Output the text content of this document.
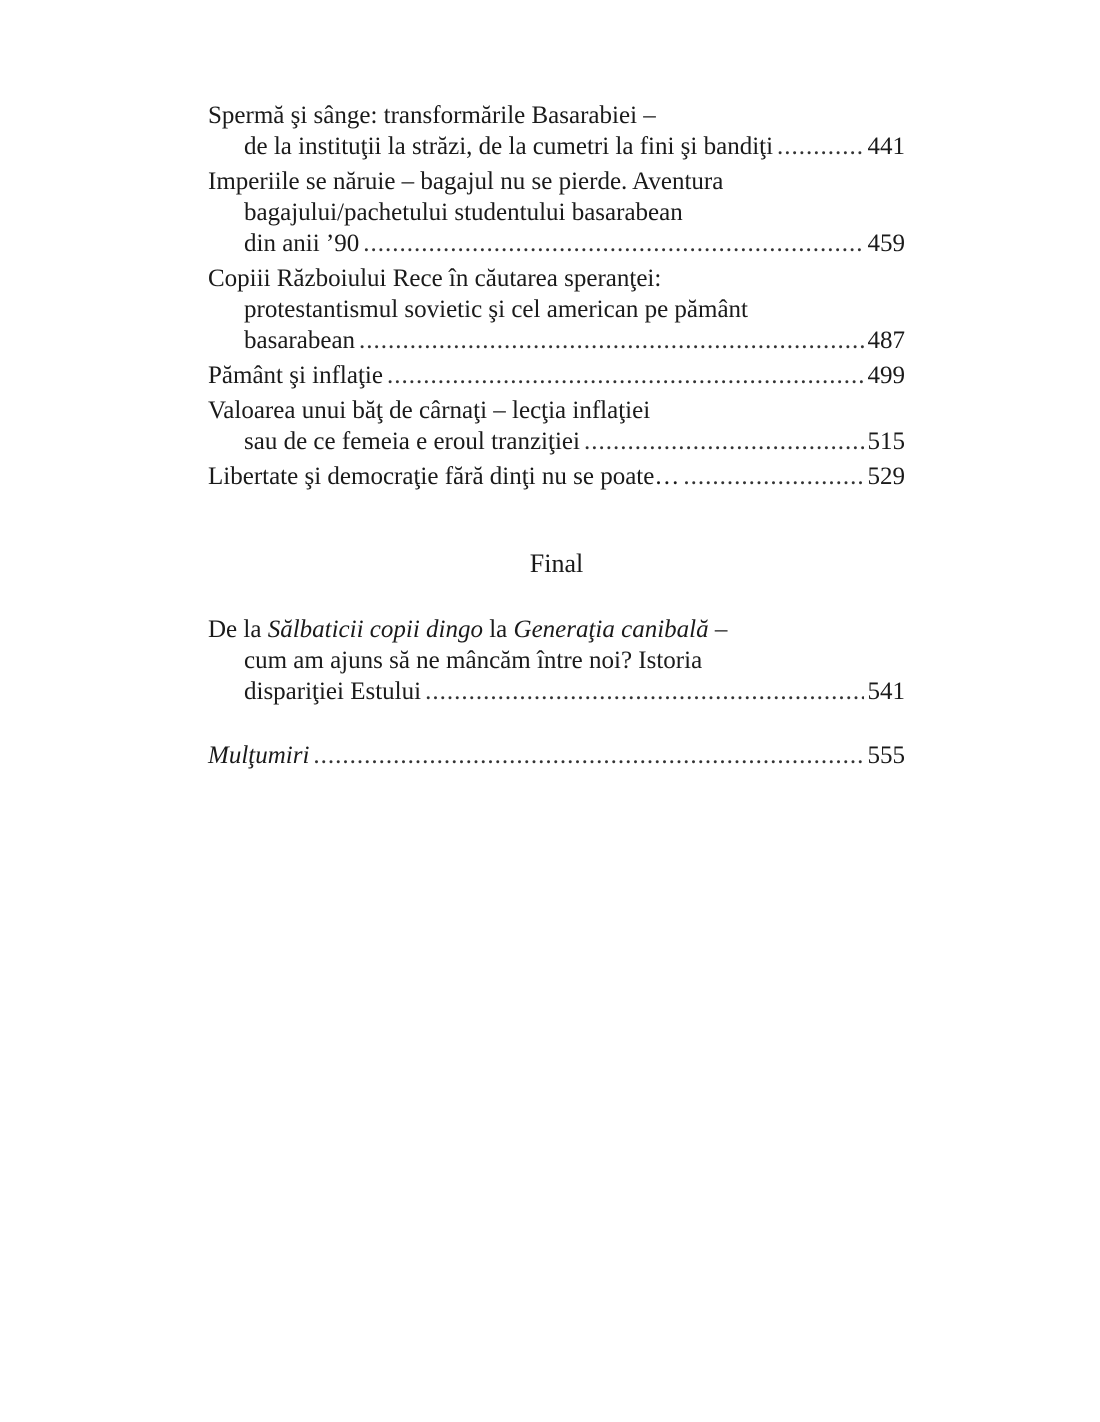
Spermă şi sânge: transformările Basarabiei –
de la instituţii la străzi, de la cumetri la fini şi bandiţi .....	441
Imperiile se năruie – bagajul nu se pierde. Aventura
bagajului/pachetului studentului basarabean
din anii ’90 .....	459
Copiii Războiului Rece în căutarea speranţei:
protestantismul sovietic şi cel american pe pământ
basarabean .....	487
Pământ şi inflaţie .....	499
Valoarea unui băţ de cârnaţi – lecţia inflaţiei
sau de ce femeia e eroul tranziţiei .....	515
Libertate şi democraţie fără dinţi nu se poate… .....	529
Final
De la Sălbaticii copii dingo la Generaţia canibală –
cum am ajuns să ne mâncăm între noi? Istoria
dispariţiei Estului .....	541
Mulţumiri .....	555
